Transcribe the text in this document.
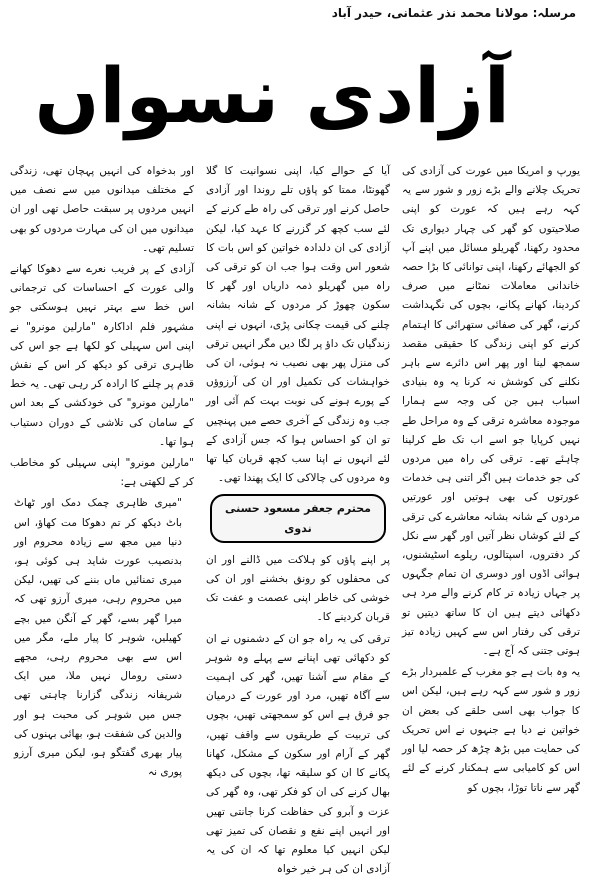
مرسلہ: مولانا محمد نذر عثمانی، حیدر آباد
آزادی نسواں

یورپ و امریکا میں عورت کی آزادی کی تحریک چلانے والے بڑے زور و شور سے یہ کہہ رہے ہیں کہ عورت کو اپنی صلاحیتوں کو گھر کی چہار دیواری تک محدود رکھنا، گھریلو مسائل میں اپنے آپ کو الجھائے رکھنا، اپنی توانائی کا بڑا حصہ خاندانی معاملات نمٹانے میں صرف کردینا، کھانے پکانے، بچوں کی نگہداشت کرنے، گھر کی صفائی ستھرائی کا اہتمام کرنے کو اپنی زندگی کا حقیقی مقصد سمجھ لینا اور پھر اس دائرے سے باہر نکلنے کی کوشش نہ کرنا یہ وہ بنیادی اسباب ہیں جن کی وجہ سے ہمارا موجودہ معاشرہ ترقی کے وہ مراحل طے نہیں کرپایا جو اسے اب تک طے کرلینا چاہئے تھے۔ ترقی کی راہ میں مردوں کی جو خدمات ہیں اگر اتنی ہی خدمات عورتوں کی بھی ہوتیں اور عورتیں مردوں کے شانہ بشانہ معاشرے کی ترقی کے لئے کوشاں نظر آتیں اور گھر سے نکل کر دفتروں، اسپتالوں، ریلوے اسٹیشنوں، ہوائی اڈوں اور دوسری ان تمام جگہوں پر جہاں زیادہ تر کام کرنے والے مرد ہی دکھائی دیتے ہیں ان کا ساتھ دیتیں تو ترقی کی رفتار اس سے کہیں زیادہ تیز ہوتی جتنی کہ آج ہے۔

یہ وہ بات ہے جو مغرب کے علمبردار بڑے زور و شور سے کہہ رہے ہیں، لیکن اس کا جواب بھی اسی حلقے کی بعض ان خواتین نے دیا ہے جنہوں نے اس تحریک کی حمایت میں بڑھ چڑھ کر حصہ لیا اور اس کو کامیابی سے ہمکنار کرنے کے لئے گھر سے ناتا توڑا، بچوں کو

آیا کے حوالے کیا، اپنی نسوانیت کا گلا گھونٹا، ممتا کو پاؤں تلے روندا اور آزادی حاصل کرنے اور ترقی کی راہ طے کرنے کے لئے سب کچھ کر گزرنے کا عہد کیا، لیکن آزادی کی ان دلدادہ خواتین کو اس بات کا شعور اس وقت ہوا جب ان کو ترقی کی راہ میں گھریلو ذمہ داریاں اور گھر کا سکون چھوڑ کر مردوں کے شانہ بشانہ چلنے کی قیمت چکانی پڑی، انہوں نے اپنی زندگیاں تک داؤ پر لگا دیں مگر انہیں ترقی کی منزل پھر بھی نصیب نہ ہوئی، ان کی خواہشات کی تکمیل اور ان کی آرزوؤں کے پورے ہونے کی نوبت بہت کم آئی اور جب وہ زندگی کے آخری حصے میں پہنچیں تو ان کو احساس ہوا کہ جس آزادی کے لئے انہوں نے اپنا سب کچھ قربان کیا تھا وہ مردوں کی چالاکی کا ایک پھندا تھی۔

محترم جعفر مسعود حسنی ندوی

پر اپنے پاؤں کو ہلاکت میں ڈالنے اور ان کی محفلوں کو رونق بخشنے اور ان کی خوشی کی خاطر اپنی عصمت و عفت تک قربان کردینے کا۔

ترقی کی یہ راہ جو ان کے دشمنوں نے ان کو دکھائی تھی اپنانے سے پہلے وہ شوہر کے مقام سے آشنا تھیں، گھر کی اہمیت سے آگاہ تھیں، مرد اور عورت کے درمیان جو فرق ہے اس کو سمجھتی تھیں، بچوں کی تربیت کے طریقوں سے واقف تھیں، گھر کے آرام اور سکون کے مشکل، کھانا پکانے کا ان کو سلیقہ تھا، بچوں کی دیکھ بھال کرنے کی ان کو فکر تھی، وہ گھر کی عزت و آبرو کی حفاظت کرنا جانتی تھیں اور انہیں اپنے نفع و نقصان کی تمیز تھی لیکن انہیں کیا معلوم تھا کہ ان کی یہ آزادی ان کی ہر خیر خواہ

اور بدخواہ کی انہیں پہچان تھی، زندگی کے مختلف میدانوں میں سے نصف میں انہیں مردوں پر سبقت حاصل تھی اور ان میدانوں میں ان کی مہارت مردوں کو بھی تسلیم تھی۔

آزادی کے پر فریب نعرے سے دھوکا کھانے والی عورت کے احساسات کی ترجمانی اس خط سے بہتر نہیں ہوسکتی جو مشہور فلم اداکارہ "مارلین مونرو" نے اپنی اس سہیلی کو لکھا ہے جو اس کی ظاہری ترقی کو دیکھ کر اس کے نقش قدم پر چلنے کا ارادہ کر رہی تھی۔ یہ خط "مارلین مونرو" کی خودکشی کے بعد اس کے سامان کی تلاشی کے دوران دستیاب ہوا تھا۔

"مارلین مونرو" اپنی سہیلی کو مخاطب کر کے لکھتی ہے:

"میری ظاہری چمک دمک اور ٹھاٹ باٹ دیکھ کر تم دھوکا مت کھاؤ، اس دنیا میں مجھ سے زیادہ محروم اور بدنصیب عورت شاید ہی کوئی ہو، میری تمنائیں ماں بننے کی تھیں، لیکن میں محروم رہی، میری آرزو تھی کہ میرا گھر بسے، گھر کے آنگن میں بچے کھیلیں، شوہر کا پیار ملے، مگر میں اس سے بھی محروم رہی، مجھے دستی رومال نہیں ملا، میں ایک شریفانہ زندگی گزارنا چاہتی تھی جس میں شوہر کی محبت ہو اور والدین کی شفقت ہو، بھائی بہنوں کی پیار بھری گفتگو ہو، لیکن میری آرزو پوری نہ
